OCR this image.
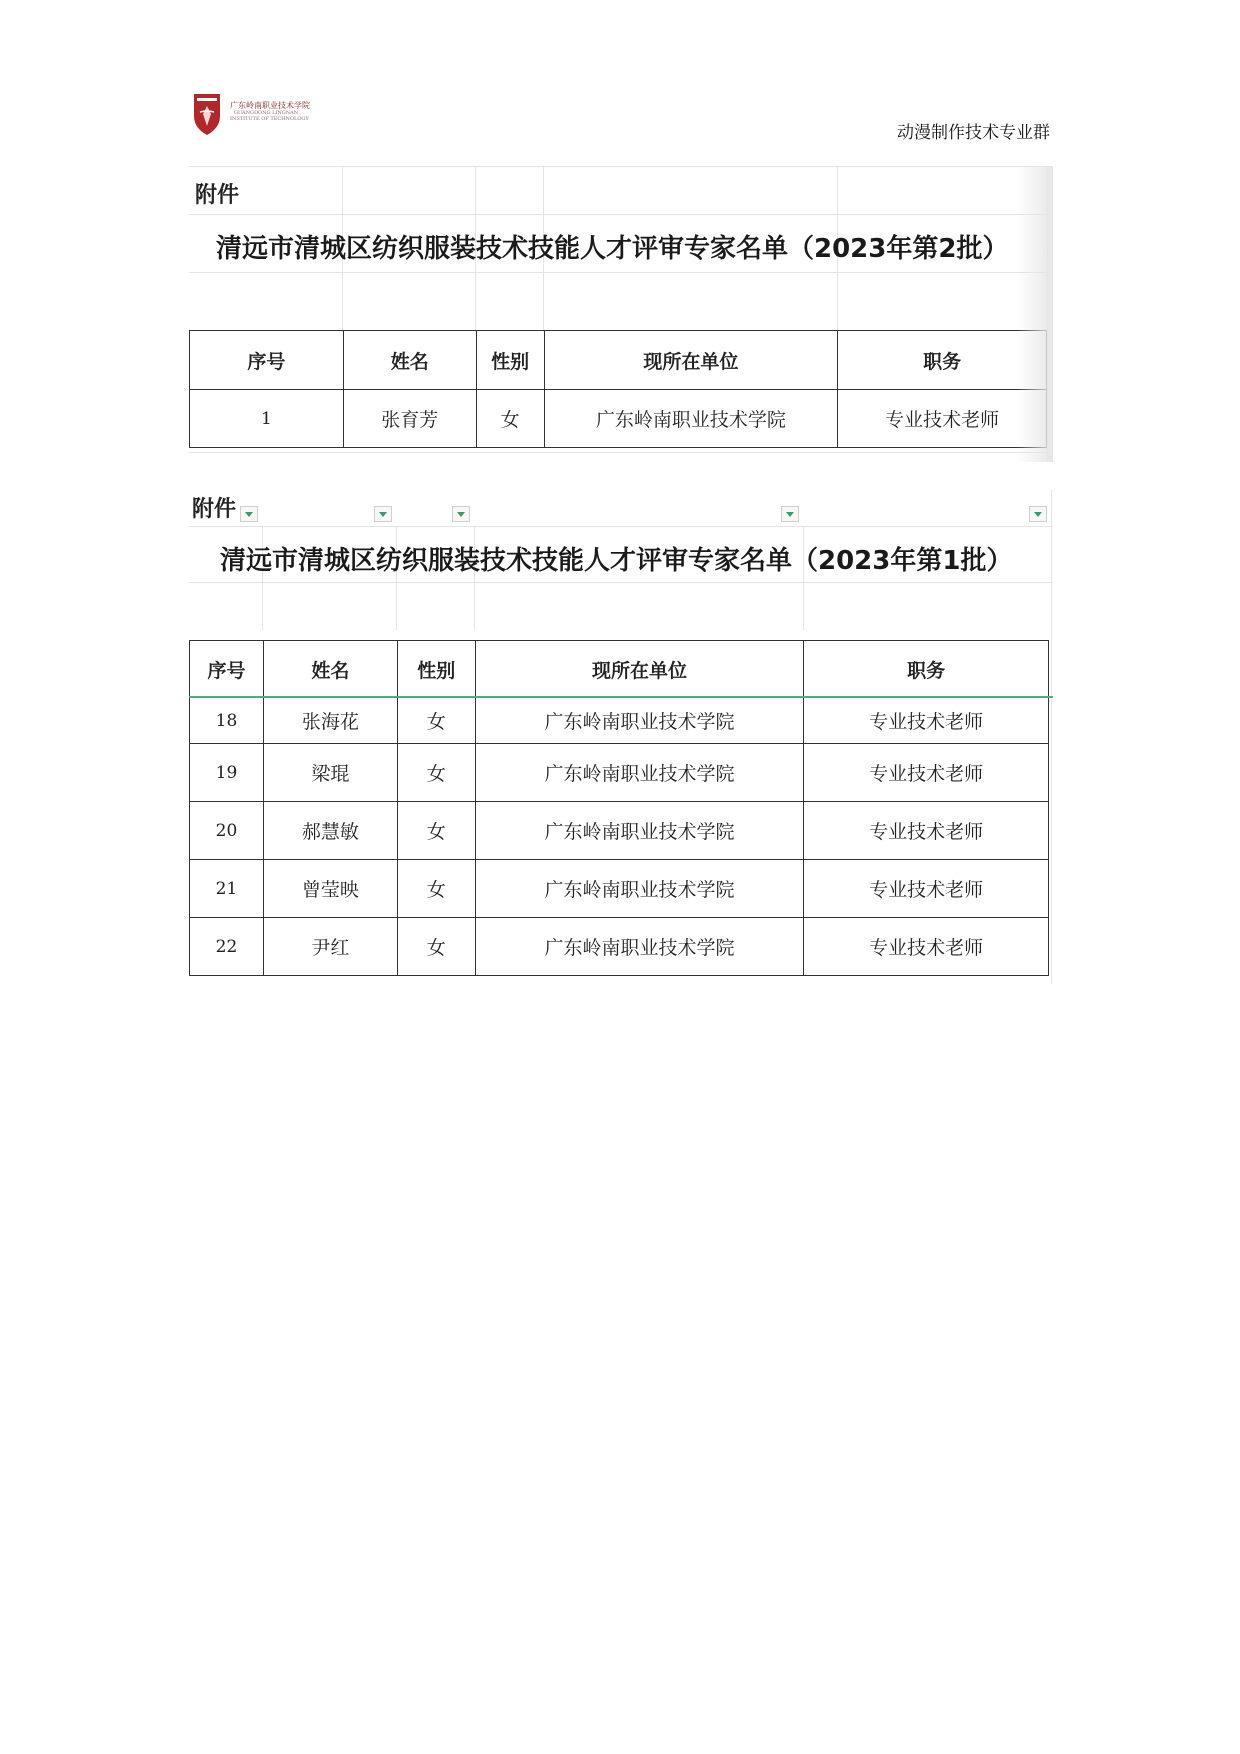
广东岭南职业技术学院
GUANGDONG LINGNAN
INSTITUTE OF TECHNOLOGY
动漫制作技术专业群
附件
清远市清城区纺织服装技术技能人才评审专家名单（2023年第2批）
序号	姓名	性别	现所在单位	职务
1	张育芳	女	广东岭南职业技术学院	专业技术老师
附件
清远市清城区纺织服装技术技能人才评审专家名单（2023年第1批）
序号	姓名	性别	现所在单位	职务
18	张海花	女	广东岭南职业技术学院	专业技术老师
19	梁琨	女	广东岭南职业技术学院	专业技术老师
20	郝慧敏	女	广东岭南职业技术学院	专业技术老师
21	曾莹映	女	广东岭南职业技术学院	专业技术老师
22	尹红	女	广东岭南职业技术学院	专业技术老师
